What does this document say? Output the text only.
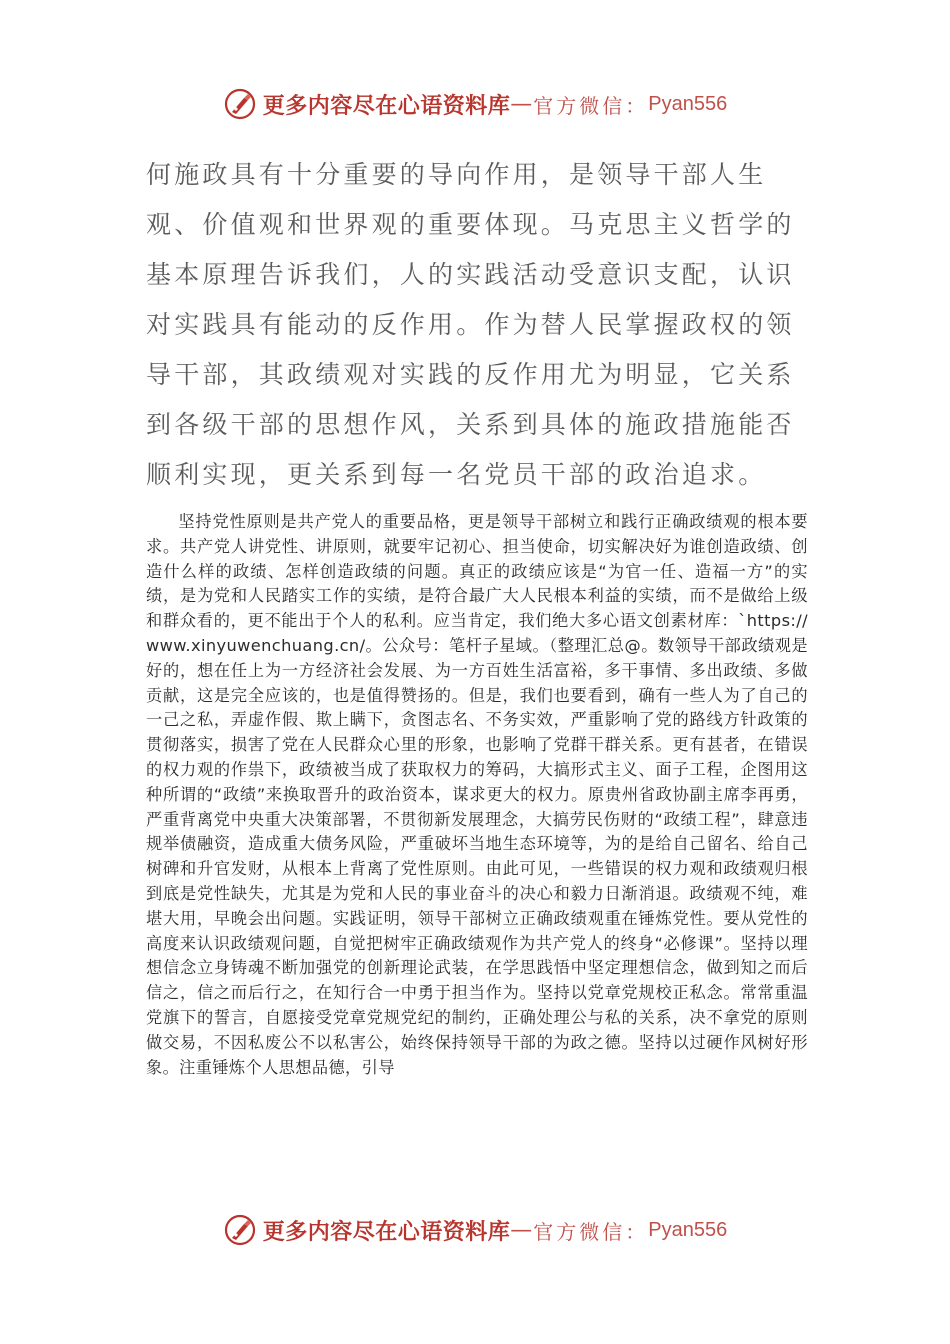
更多内容尽在心语资料库 — 官方微信： Pyan556

何施政具有十分重要的导向作用，是领导干部人生观、价值观和世界观的重要体现。马克思主义哲学的基本原理告诉我们，人的实践活动受意识支配，认识对实践具有能动的反作用。作为替人民掌握政权的领导干部，其政绩观对实践的反作用尤为明显，它关系到各级干部的思想作风，关系到具体的施政措施能否顺利实现，更关系到每一名党员干部的政治追求。

坚持党性原则是共产党人的重要品格，更是领导干部树立和践行正确政绩观的根本要求。共产党人讲党性、讲原则，就要牢记初心、担当使命，切实解决好为谁创造政绩、创造什么样的政绩、怎样创造政绩的问题。真正的政绩应该是“为官一任、造福一方”的实绩，是为党和人民踏实工作的实绩，是符合最广大人民根本利益的实绩，而不是做给上级和群众看的，更不能出于个人的私利。应当肯定，我们绝大多心语文创素材库：`https://www.xinyuwenchuang.cn/。公众号：笔杆子星域。（整理汇总@。数领导干部政绩观是好的，想在任上为一方经济社会发展、为一方百姓生活富裕，多干事情、多出政绩、多做贡献，这是完全应该的，也是值得赞扬的。但是，我们也要看到，确有一些人为了自己的一己之私，弄虚作假、欺上瞒下，贪图志名、不务实效，严重影响了党的路线方针政策的贯彻落实，损害了党在人民群众心里的形象，也影响了党群干群关系。更有甚者，在错误的权力观的作祟下，政绩被当成了获取权力的筹码，大搞形式主义、面子工程，企图用这种所谓的“政绩”来换取晋升的政治资本，谋求更大的权力。原贵州省政协副主席李再勇，严重背离党中央重大决策部署，不贯彻新发展理念，大搞劳民伤财的“政绩工程”，肆意违规举债融资，造成重大债务风险，严重破坏当地生态环境等，为的是给自己留名、给自己树碑和升官发财，从根本上背离了党性原则。由此可见，一些错误的权力观和政绩观归根到底是党性缺失，尤其是为党和人民的事业奋斗的决心和毅力日渐消退。政绩观不纯，难堪大用，早晚会出问题。实践证明，领导干部树立正确政绩观重在锤炼党性。要从党性的高度来认识政绩观问题，自觉把树牢正确政绩观作为共产党人的终身“必修课”。坚持以理想信念立身铸魂不断加强党的创新理论武装，在学思践悟中坚定理想信念，做到知之而后信之，信之而后行之，在知行合一中勇于担当作为。坚持以党章党规校正私念。常常重温党旗下的誓言，自愿接受党章党规党纪的制约，正确处理公与私的关系，决不拿党的原则做交易，不因私废公不以私害公，始终保持领导干部的为政之德。坚持以过硬作风树好形象。注重锤炼个人思想品德，引导

更多内容尽在心语资料库 — 官方微信： Pyan556
